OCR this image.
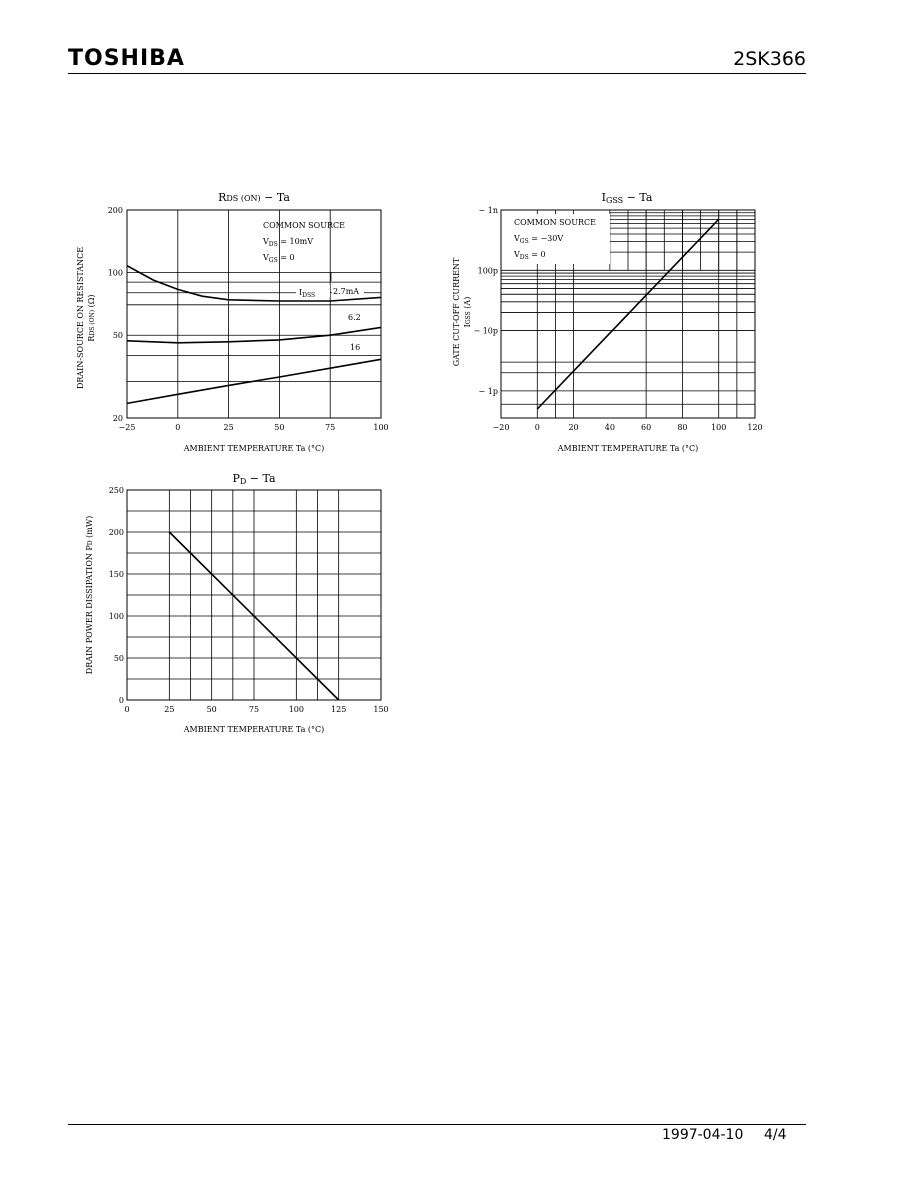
TOSHIBA	2SK366
RDS (ON) − Ta
200
100
50
20
−25	0	25	50	75	100
DRAIN-SOURCE ON RESISTANCE RDS (ON) (Ω)
AMBIENT TEMPERATURE Ta (°C)
COMMON SOURCE
$V_{DS} = 10mV$
$V_{GS} = 0$
$I_{DSS}$ 2.7mA
6.2
16
IGSS − Ta
− 1n
100p
− 10p
− 1p
−20	0	20	40	60	80	100	120
COMMON SOURCE
$V_{GS} = -30V$
$V_{DS} = 0$
GATE CUT-OFF CURRENT IGSS (A)
AMBIENT TEMPERATURE Ta (°C)
PD − Ta
250
200
150
100
50
0
0	25	50	75	100	125	150
DRAIN POWER DISSIPATION PD (mW)
AMBIENT TEMPERATURE Ta (°C)
1997-04-10 4/4
